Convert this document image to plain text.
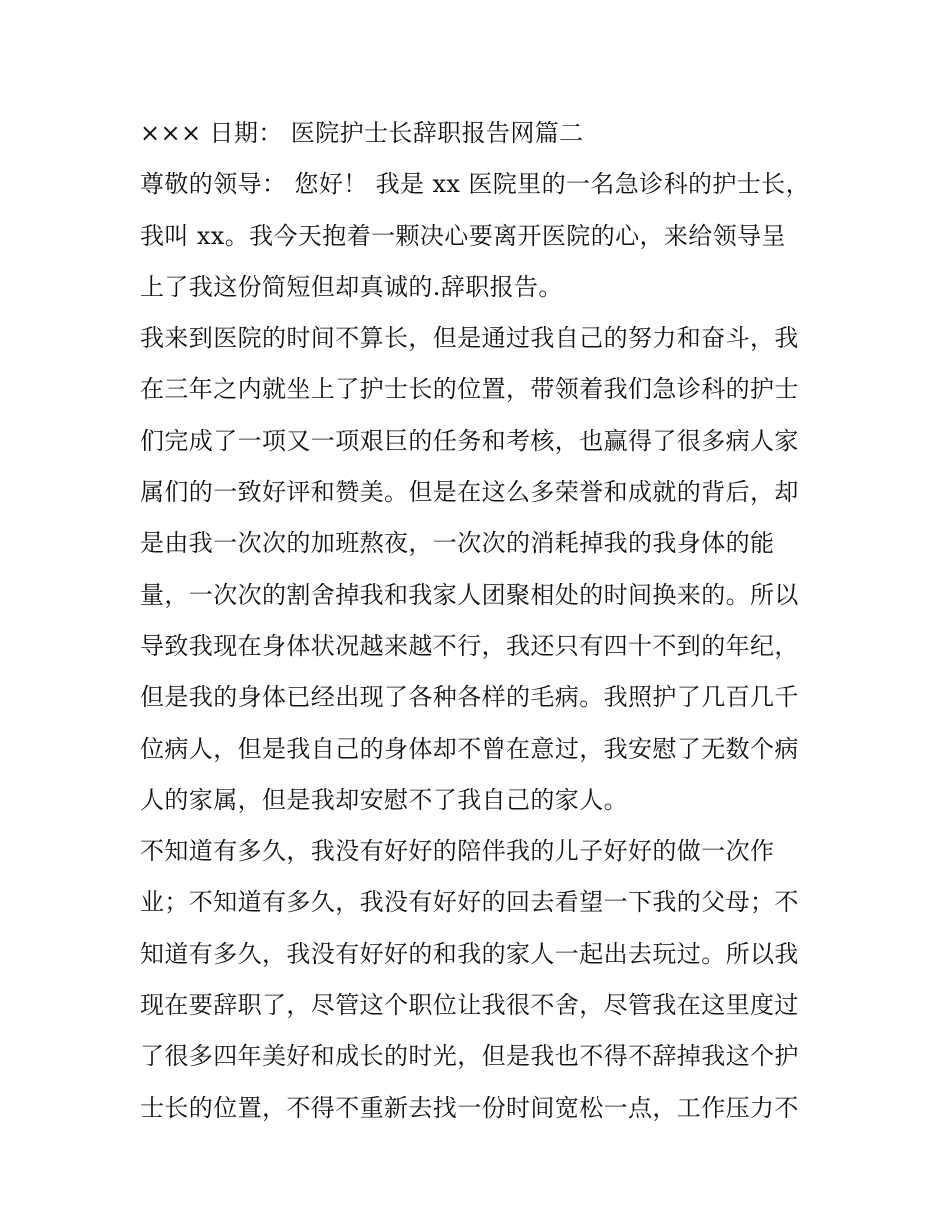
××× 日期： 医院护士长辞职报告网篇二
尊敬的领导： 您好！ 我是 xx 医院里的一名急诊科的护士长，
我叫 xx。我今天抱着一颗决心要离开医院的心，来给领导呈
上了我这份简短但却真诚的.辞职报告。
我来到医院的时间不算长，但是通过我自己的努力和奋斗，我
在三年之内就坐上了护士长的位置，带领着我们急诊科的护士
们完成了一项又一项艰巨的任务和考核，也赢得了很多病人家
属们的一致好评和赞美。但是在这么多荣誉和成就的背后，却
是由我一次次的加班熬夜，一次次的消耗掉我的我身体的能
量，一次次的割舍掉我和我家人团聚相处的时间换来的。所以
导致我现在身体状况越来越不行，我还只有四十不到的年纪，
但是我的身体已经出现了各种各样的毛病。我照护了几百几千
位病人，但是我自己的身体却不曾在意过，我安慰了无数个病
人的家属，但是我却安慰不了我自己的家人。
不知道有多久，我没有好好的陪伴我的儿子好好的做一次作
业；不知道有多久，我没有好好的回去看望一下我的父母；不
知道有多久，我没有好好的和我的家人一起出去玩过。所以我
现在要辞职了，尽管这个职位让我很不舍，尽管我在这里度过
了很多四年美好和成长的时光，但是我也不得不辞掉我这个护
士长的位置，不得不重新去找一份时间宽松一点，工作压力不
